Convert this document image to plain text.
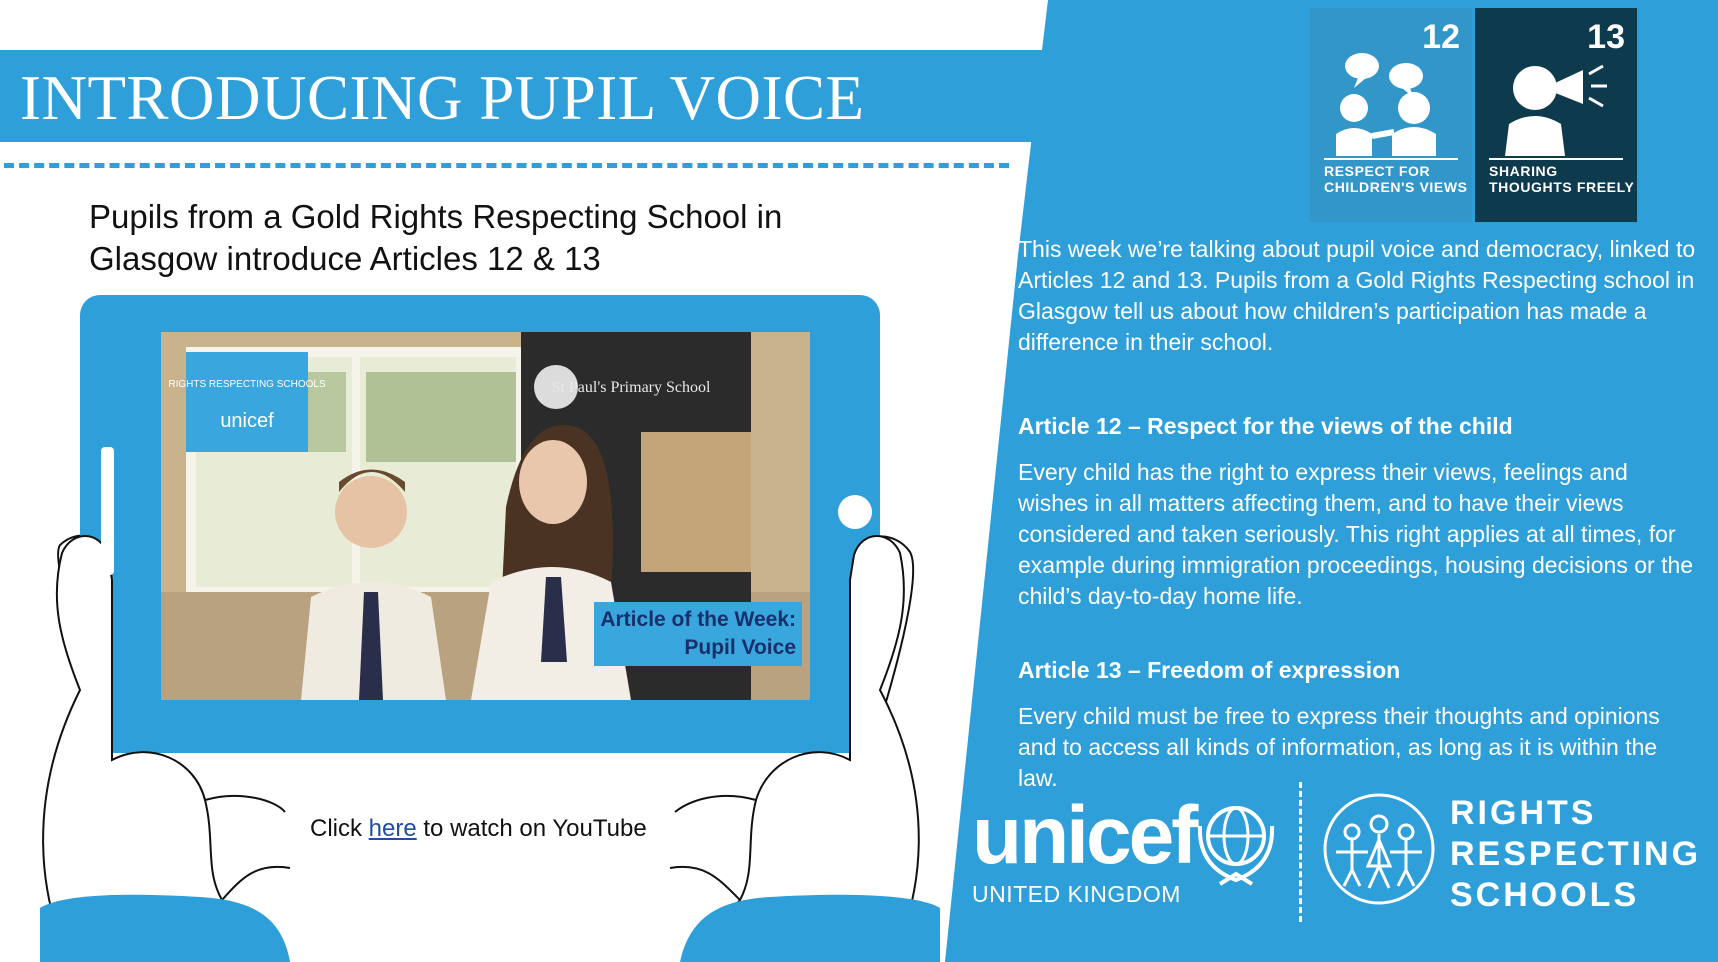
INTRODUCING PUPIL VOICE
Pupils from a Gold Rights Respecting School in Glasgow introduce Articles 12 & 13
RIGHTS RESPECTING SCHOOLS
unicef
St Paul's Primary School
Article of the Week:
Pupil Voice
Click here to watch on YouTube
12
RESPECT FOR
CHILDREN'S VIEWS
13
SHARING
THOUGHTS FREELY
This week we’re talking about pupil voice and democracy, linked to Articles 12 and 13. Pupils from a Gold Rights Respecting school in Glasgow tell us about how children’s participation has made a difference in their school.
Article 12 – Respect for the views of the child
Every child has the right to express their views, feelings and wishes in all matters affecting them, and to have their views considered and taken seriously. This right applies at all times, for example during immigration proceedings, housing decisions or the child’s day-to-day home life.
Article 13 – Freedom of expression
Every child must be free to express their thoughts and opinions and to access all kinds of information, as long as it is within the law.
unicef
UNITED KINGDOM
RIGHTS
RESPECTING
SCHOOLS
